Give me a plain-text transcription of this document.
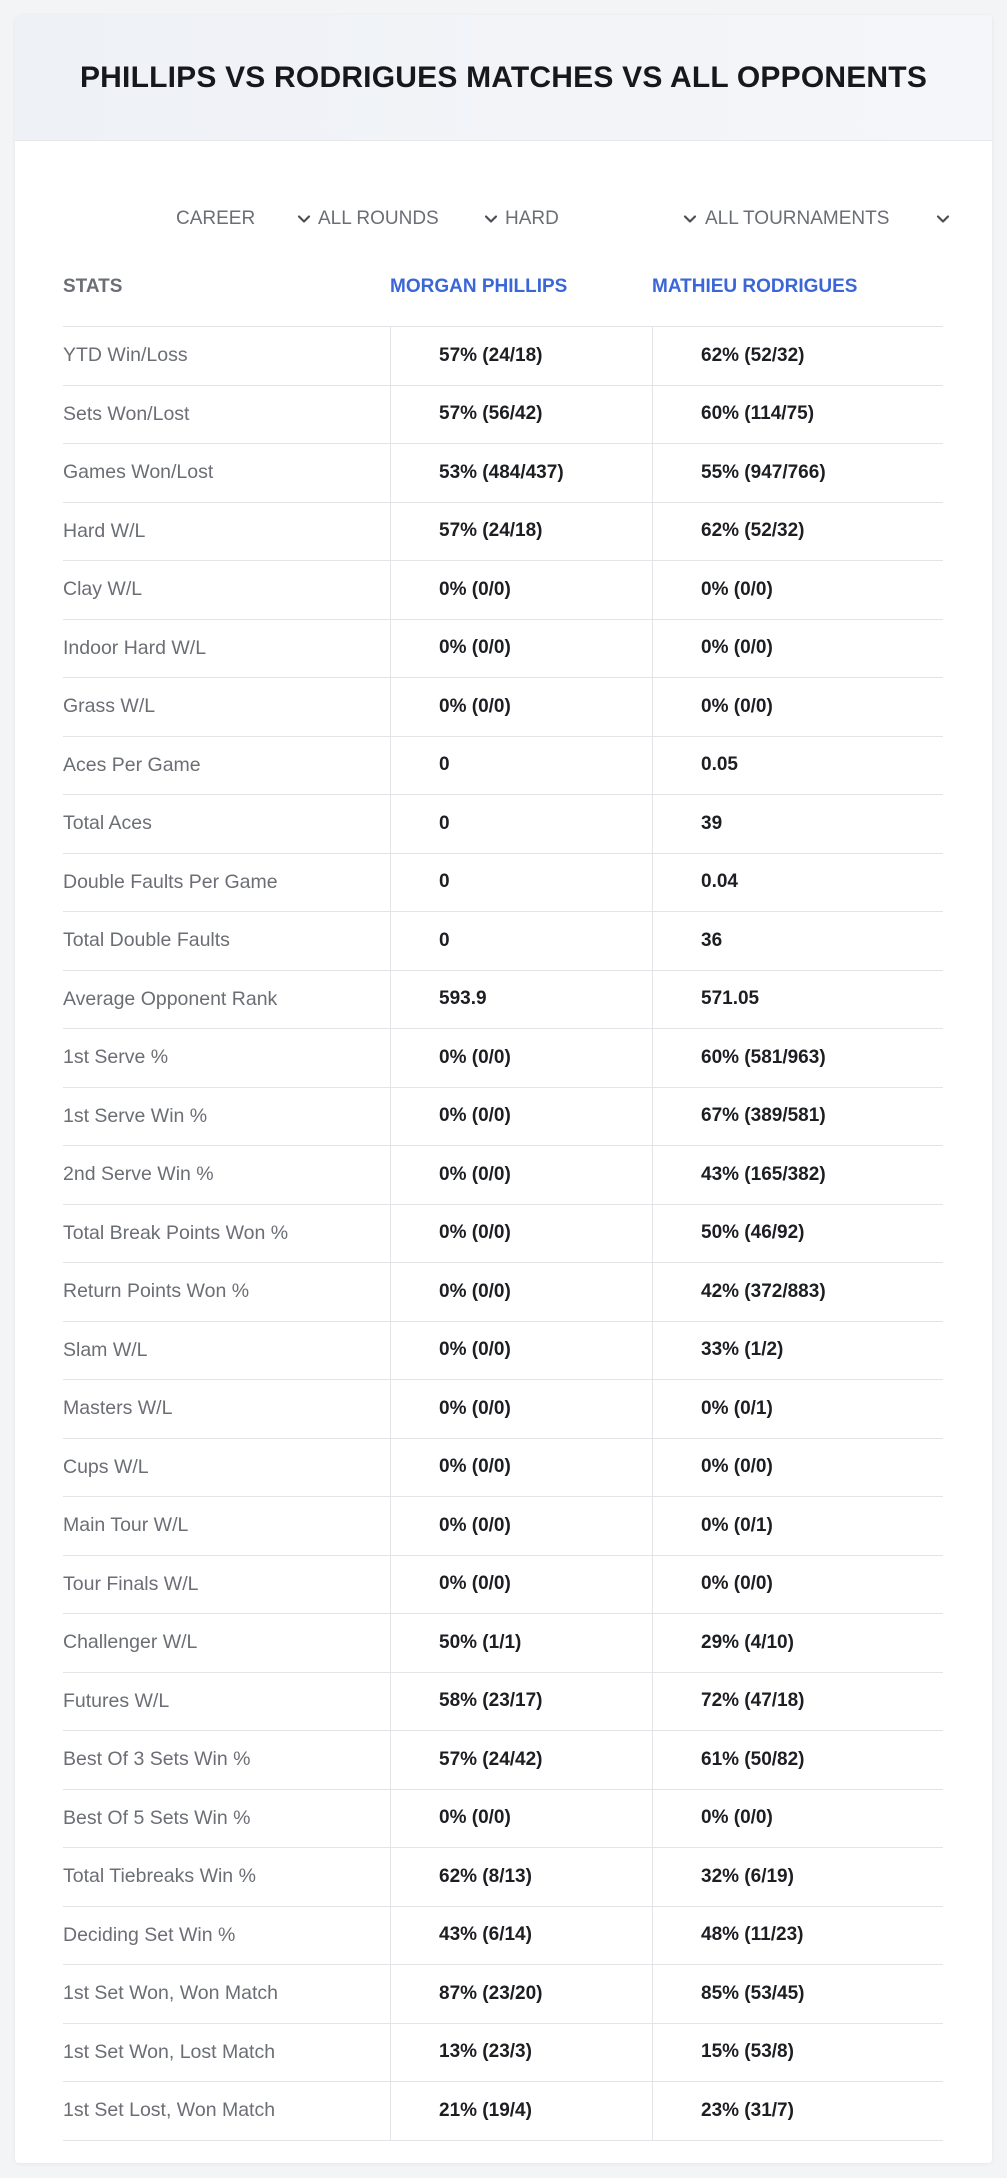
PHILLIPS VS RODRIGUES MATCHES VS ALL OPPONENTS
CAREER	ALL ROUNDS	HARD	ALL TOURNAMENTS
STATS	MORGAN PHILLIPS	MATHIEU RODRIGUES
YTD Win/Loss	57% (24/18)	62% (52/32)
Sets Won/Lost	57% (56/42)	60% (114/75)
Games Won/Lost	53% (484/437)	55% (947/766)
Hard W/L	57% (24/18)	62% (52/32)
Clay W/L	0% (0/0)	0% (0/0)
Indoor Hard W/L	0% (0/0)	0% (0/0)
Grass W/L	0% (0/0)	0% (0/0)
Aces Per Game	0	0.05
Total Aces	0	39
Double Faults Per Game	0	0.04
Total Double Faults	0	36
Average Opponent Rank	593.9	571.05
1st Serve %	0% (0/0)	60% (581/963)
1st Serve Win %	0% (0/0)	67% (389/581)
2nd Serve Win %	0% (0/0)	43% (165/382)
Total Break Points Won %	0% (0/0)	50% (46/92)
Return Points Won %	0% (0/0)	42% (372/883)
Slam W/L	0% (0/0)	33% (1/2)
Masters W/L	0% (0/0)	0% (0/1)
Cups W/L	0% (0/0)	0% (0/0)
Main Tour W/L	0% (0/0)	0% (0/1)
Tour Finals W/L	0% (0/0)	0% (0/0)
Challenger W/L	50% (1/1)	29% (4/10)
Futures W/L	58% (23/17)	72% (47/18)
Best Of 3 Sets Win %	57% (24/42)	61% (50/82)
Best Of 5 Sets Win %	0% (0/0)	0% (0/0)
Total Tiebreaks Win %	62% (8/13)	32% (6/19)
Deciding Set Win %	43% (6/14)	48% (11/23)
1st Set Won, Won Match	87% (23/20)	85% (53/45)
1st Set Won, Lost Match	13% (23/3)	15% (53/8)
1st Set Lost, Won Match	21% (19/4)	23% (31/7)
